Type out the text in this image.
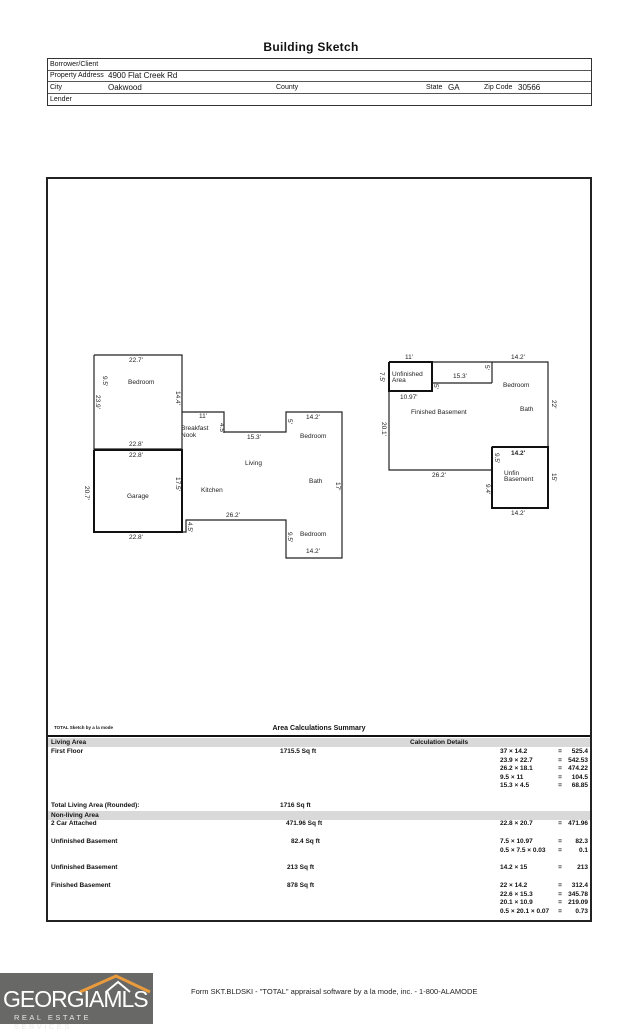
Building Sketch
Borrower/Client
Property Address 4900 Flat Creek Rd
City	Oakwood	County	State GA	Zip Code 30566
Lender
Bedroom
Breakfast
Nook
Living
Kitchen
Garage
Bedroom
Bath
Bedroom
Unfinished
Area
Finished Basement
Bedroom
Bath
Unfin
Basement
22.7'
14.4'
23.9'
9.5'
11'
15.3'
14.2'
22.8'
22.8'
20.7'
17.5'
26.2'
17'
22.8'
14.2'
5'
4.5'
9.5'
4.5'
11'	14.2'
10.97'
15.3'
26.2'
14.2'
14.2'
22'
15'
20.1'
7.5'
5'
5'
9.5'
9.4'
TOTAL Sketch by a la mode	Area Calculations Summary
Living Area	Calculation Details
First Floor	1715.5 Sq ft	37 × 14.2	=	525.4
23.9 × 22.7	= 542.53
26.2 × 18.1	= 474.22
9.5 × 11	=	104.5
15.3 × 4.5	=	68.85
Total Living Area (Rounded):	1716 Sq ft
Non-living Area
2 Car Attached	471.96 Sq ft	22.8 × 20.7	= 471.96
Unfinished Basement	82.4 Sq ft	7.5 × 10.97	=	82.3
0.5 × 7.5 × 0.03	=	0.1
Unfinished Basement	213 Sq ft	14.2 × 15	=	213
Finished Basement	878 Sq ft	22 × 14.2	=	312.4
22.6 × 15.3	= 345.78
20.1 × 10.9	= 219.09
0.5 × 20.1 × 0.07	=	0.73
GEORGIAMLS
REAL ESTATE SERVICES
Form SKT.BLDSKI - "TOTAL" appraisal software by a la mode, inc. - 1-800-ALAMODE
